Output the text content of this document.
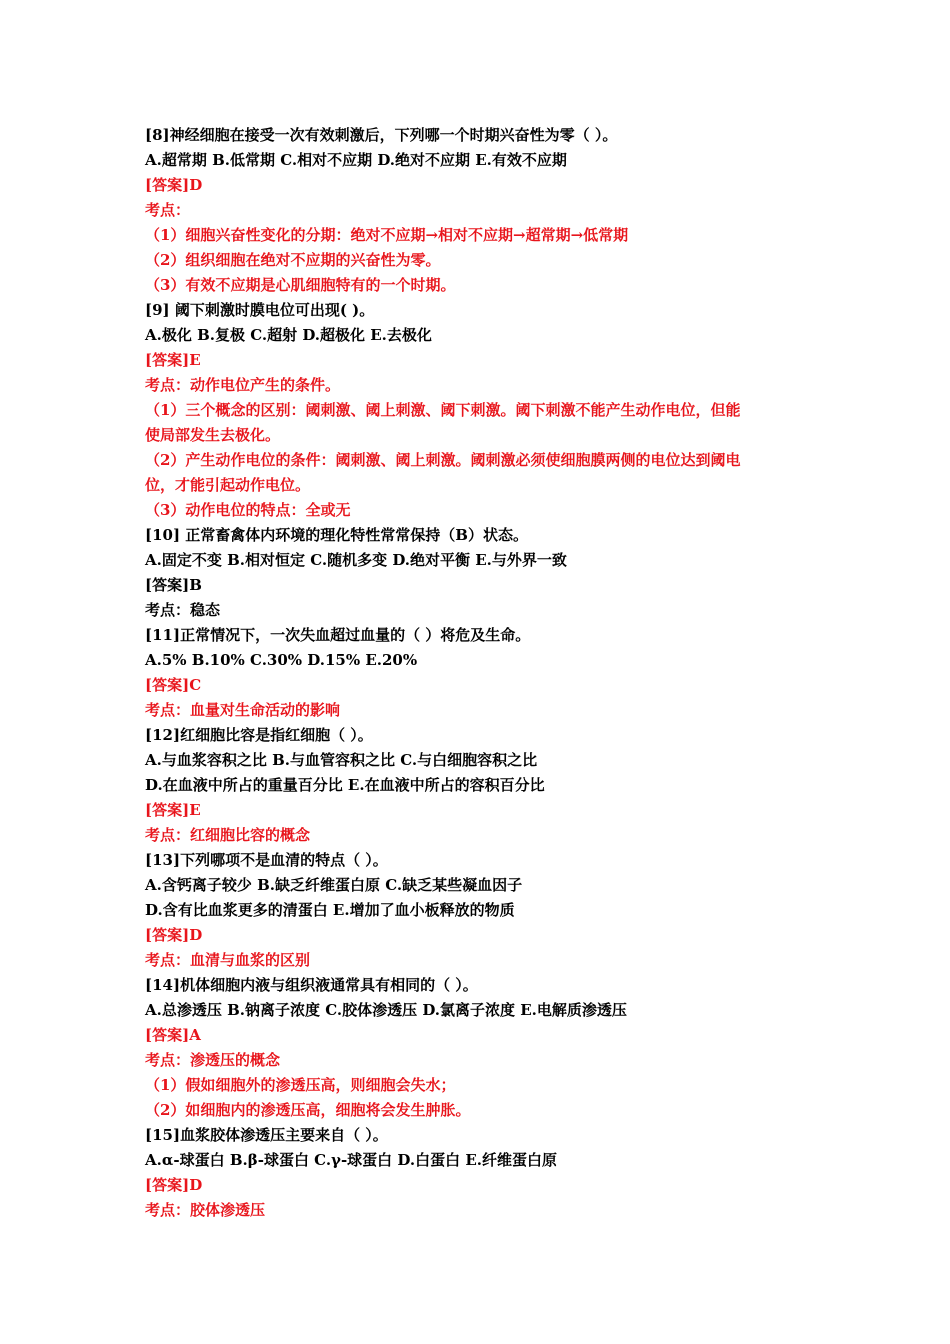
[8]神经细胞在接受一次有效刺激后，下列哪一个时期兴奋性为零（ ）。

A.超常期 B.低常期 C.相对不应期 D.绝对不应期 E.有效不应期

[答案]D

考点：

（1）细胞兴奋性变化的分期：绝对不应期→相对不应期→超常期→低常期

（2）组织细胞在绝对不应期的兴奋性为零。

（3）有效不应期是心肌细胞特有的一个时期。

[9] 阈下刺激时膜电位可出现( )。

A.极化 B.复极 C.超射 D.超极化 E.去极化

[答案]E

考点：动作电位产生的条件。

（1）三个概念的区别：阈刺激、阈上刺激、阈下刺激。阈下刺激不能产生动作电位，但能

使局部发生去极化。

（2）产生动作电位的条件：阈刺激、阈上刺激。阈刺激必须使细胞膜两侧的电位达到阈电

位，才能引起动作电位。

（3）动作电位的特点：全或无

[10] 正常畜禽体内环境的理化特性常常保持（B）状态。

A.固定不变 B.相对恒定 C.随机多变 D.绝对平衡 E.与外界一致

[答案]B

考点：稳态

[11]正常情况下，一次失血超过血量的（ ）将危及生命。

A.5% B.10% C.30% D.15% E.20%

[答案]C

考点：血量对生命活动的影响

[12]红细胞比容是指红细胞（ ）。

A.与血浆容积之比 B.与血管容积之比 C.与白细胞容积之比

D.在血液中所占的重量百分比 E.在血液中所占的容积百分比

[答案]E

考点：红细胞比容的概念

[13]下列哪项不是血清的特点（ ）。

A.含钙离子较少 B.缺乏纤维蛋白原 C.缺乏某些凝血因子

D.含有比血浆更多的清蛋白 E.增加了血小板释放的物质

[答案]D

考点：血清与血浆的区别

[14]机体细胞内液与组织液通常具有相同的（ ）。

A.总渗透压 B.钠离子浓度 C.胶体渗透压 D.氯离子浓度 E.电解质渗透压

[答案]A

考点：渗透压的概念

（1）假如细胞外的渗透压高，则细胞会失水；

（2）如细胞内的渗透压高，细胞将会发生肿胀。

[15]血浆胶体渗透压主要来自（ ）。

A.α-球蛋白 B.β-球蛋白 C.γ-球蛋白 D.白蛋白 E.纤维蛋白原

[答案]D

考点：胶体渗透压
